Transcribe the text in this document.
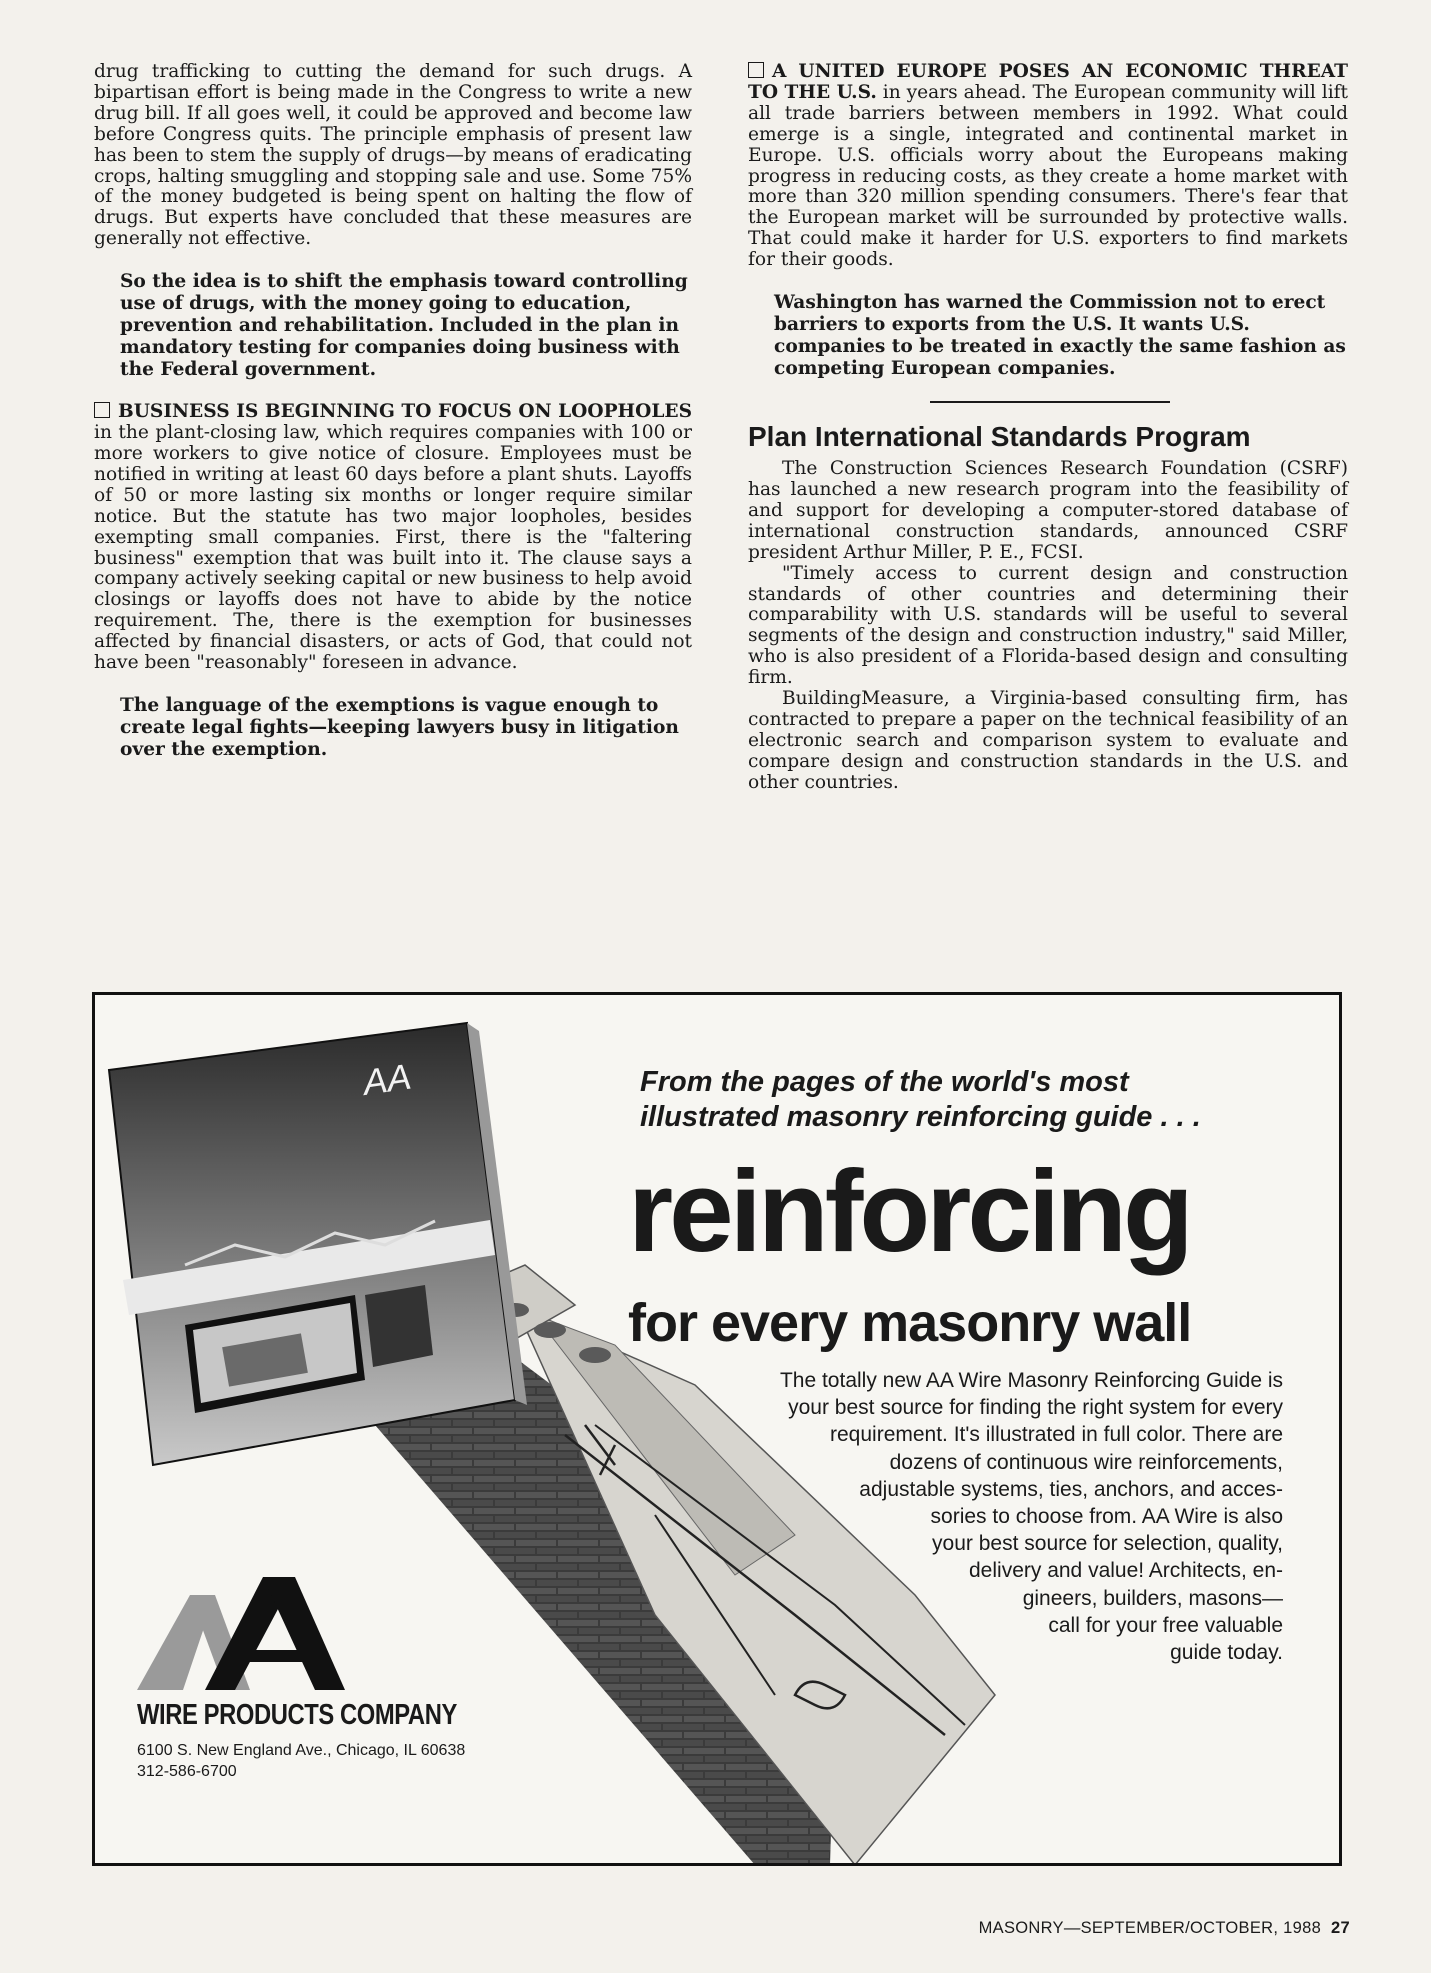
drug trafficking to cutting the demand for such drugs. A bipartisan effort is being made in the Congress to write a new drug bill. If all goes well, it could be approved and become law before Congress quits. The principle emphasis of present law has been to stem the supply of drugs—by means of eradicating crops, halting smuggling and stopping sale and use. Some 75% of the money budgeted is being spent on halting the flow of drugs. But experts have concluded that these measures are generally not effective.

So the idea is to shift the emphasis toward controlling use of drugs, with the money going to education, prevention and rehabilitation. Included in the plan in mandatory testing for companies doing business with the Federal government.

BUSINESS IS BEGINNING TO FOCUS ON LOOPHOLES in the plant-closing law, which requires companies with 100 or more workers to give notice of closure. Employees must be notified in writing at least 60 days before a plant shuts. Layoffs of 50 or more lasting six months or longer require similar notice. But the statute has two major loopholes, besides exempting small companies. First, there is the "faltering business" exemption that was built into it. The clause says a company actively seeking capital or new business to help avoid closings or layoffs does not have to abide by the notice requirement. The, there is the exemption for businesses affected by financial disasters, or acts of God, that could not have been "reasonably" foreseen in advance.

The language of the exemptions is vague enough to create legal fights—keeping lawyers busy in litigation over the exemption.

A UNITED EUROPE POSES AN ECONOMIC THREAT TO THE U.S. in years ahead. The European community will lift all trade barriers between members in 1992. What could emerge is a single, integrated and continental market in Europe. U.S. officials worry about the Europeans making progress in reducing costs, as they create a home market with more than 320 million spending consumers. There's fear that the European market will be surrounded by protective walls. That could make it harder for U.S. exporters to find markets for their goods.

Washington has warned the Commission not to erect barriers to exports from the U.S. It wants U.S. companies to be treated in exactly the same fashion as competing European companies.

Plan International Standards Program

The Construction Sciences Research Foundation (CSRF) has launched a new research program into the feasibility of and support for developing a computer-stored database of international construction standards, announced CSRF president Arthur Miller, P. E., FCSI.

"Timely access to current design and construction standards of other countries and determining their comparability with U.S. standards will be useful to several segments of the design and construction industry," said Miller, who is also president of a Florida-based design and consulting firm.

BuildingMeasure, a Virginia-based consulting firm, has contracted to prepare a paper on the technical feasibility of an electronic search and comparison system to evaluate and compare design and construction standards in the U.S. and other countries.

AA	From the pages of the world's most
illustrated masonry reinforcing guide . . .
reinforcing
for every masonry wall
The totally new AA Wire Masonry Reinforcing Guide is
your best source for finding the right system for every
requirement. It's illustrated in full color. There are
dozens of continuous wire reinforcements,
adjustable systems, ties, anchors, and acces-
sories to choose from. AA Wire is also
your best source for selection, quality,
delivery and value! Architects, en-
gineers, builders, masons—
call for your free valuable
guide today.
WIRE PRODUCTS COMPANY
6100 S. New England Ave., Chicago, IL 60638
312-586-6700
MASONRY—SEPTEMBER/OCTOBER, 1988 27
